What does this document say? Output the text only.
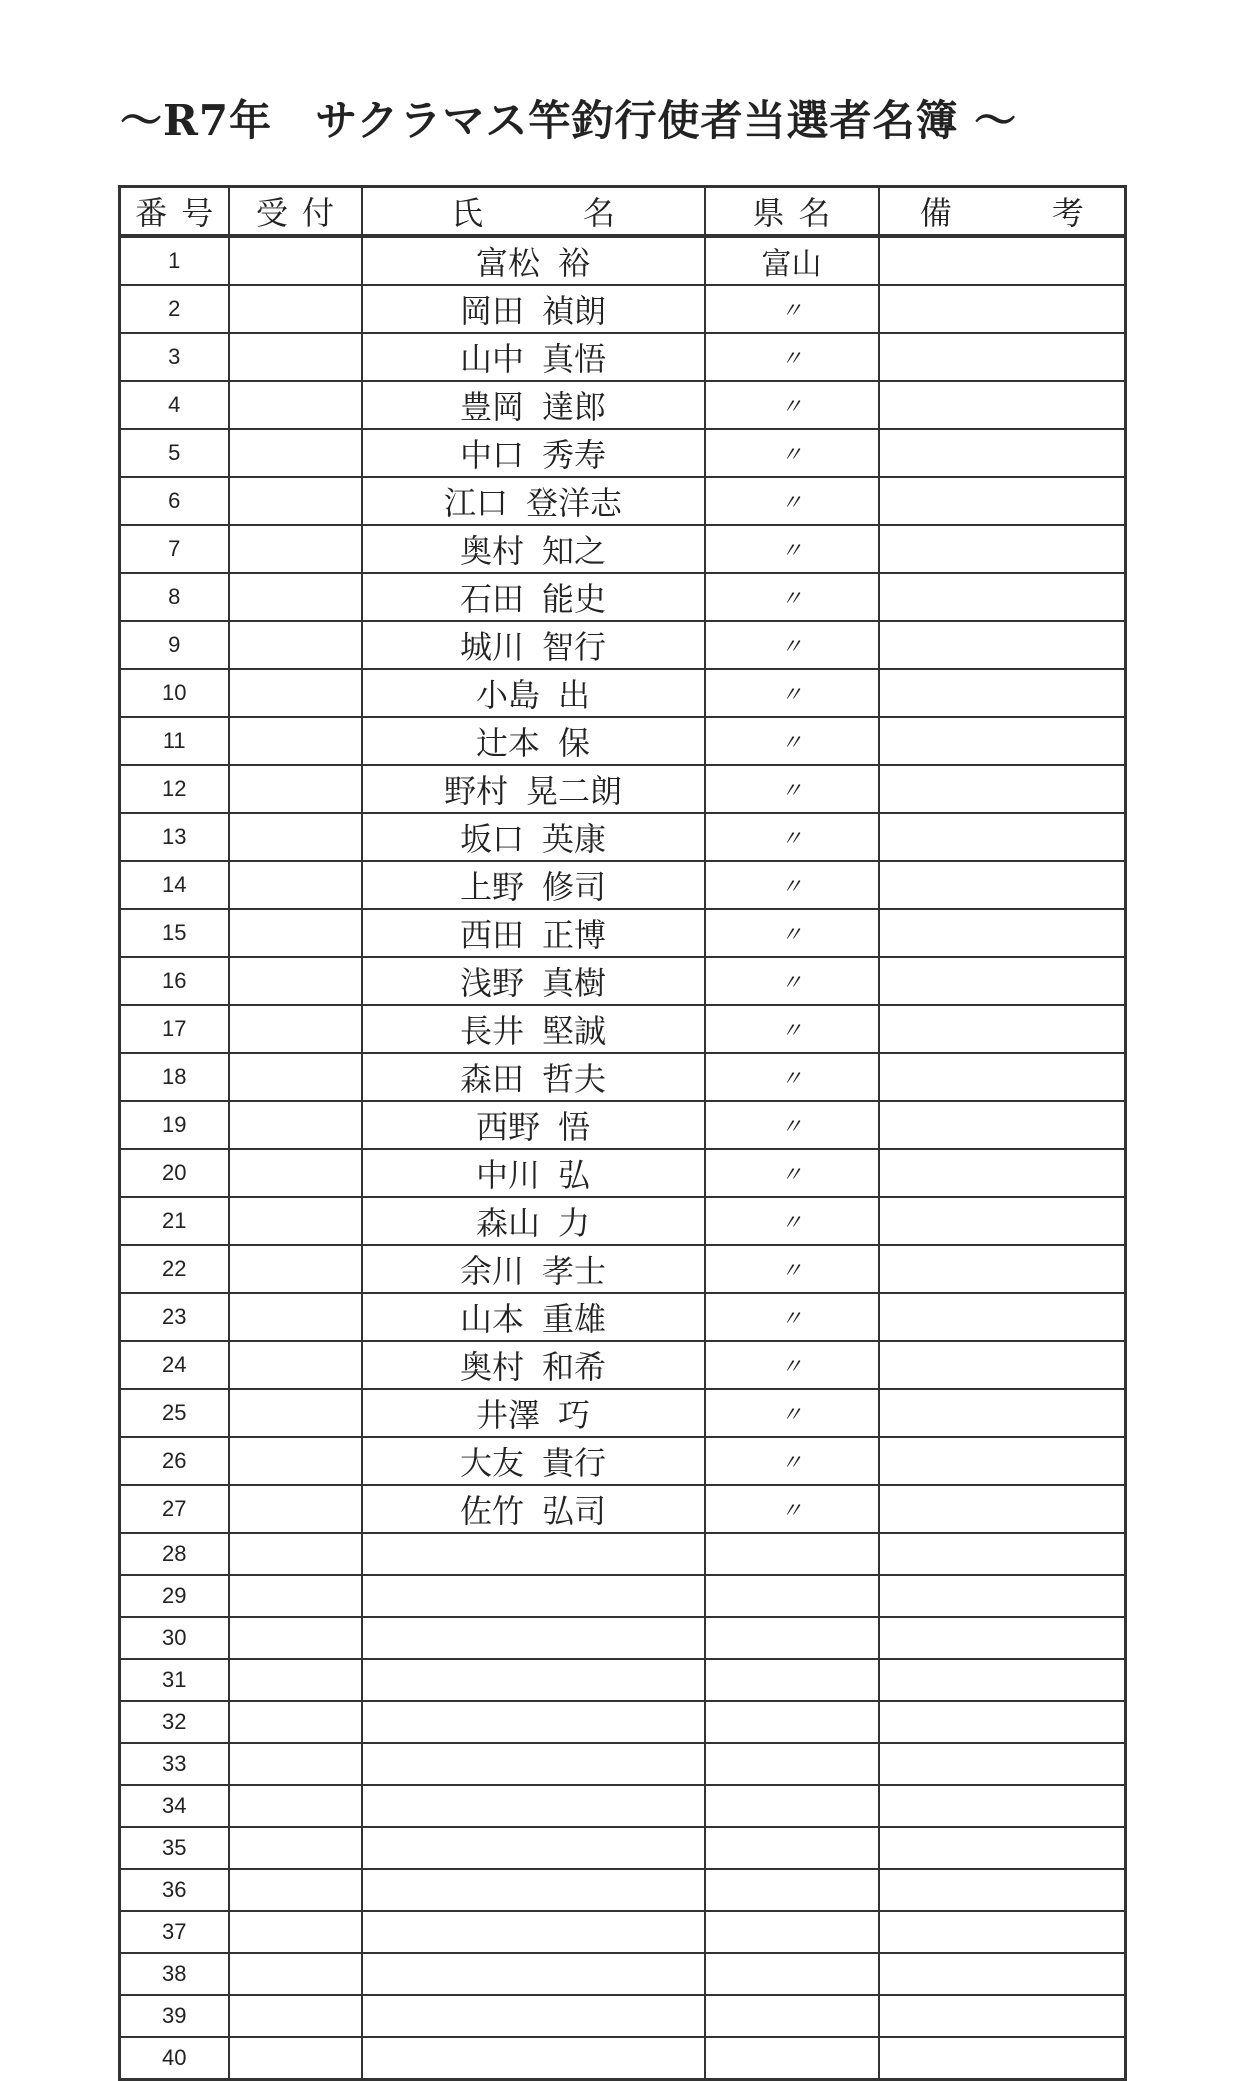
～R7年　サクラマス竿釣行使者当選者名簿 ～
番 号	受 付	氏 名	県 名	備 考
1		富松 裕	富山	
2		岡田 禎朗	〃	
3		山中 真悟	〃	
4		豊岡 達郎	〃	
5		中口 秀寿	〃	
6		江口 登洋志	〃	
7		奥村 知之	〃	
8		石田 能史	〃	
9		城川 智行	〃	
10		小島 出	〃	
11		辻本 保	〃	
12		野村 晃二朗	〃	
13		坂口 英康	〃	
14		上野 修司	〃	
15		西田 正博	〃	
16		浅野 真樹	〃	
17		長井 堅誠	〃	
18		森田 哲夫	〃	
19		西野 悟	〃	
20		中川 弘	〃	
21		森山 力	〃	
22		余川 孝士	〃	
23		山本 重雄	〃	
24		奥村 和希	〃	
25		井澤 巧	〃	
26		大友 貴行	〃	
27		佐竹 弘司	〃	
28				
29				
30				
31				
32				
33				
34				
35				
36				
37				
38				
39				
40				
